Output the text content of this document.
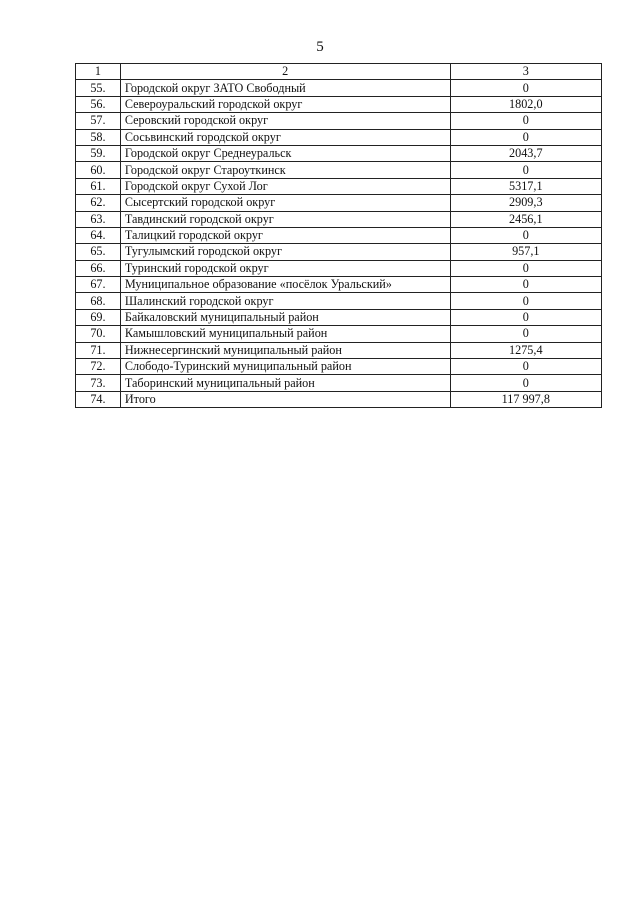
5
1	2	3
55.	Городской округ ЗАТО Свободный	0
56.	Североуральский городской округ	1802,0
57.	Серовский городской округ	0
58.	Сосьвинский городской округ	0
59.	Городской округ Среднеуральск	2043,7
60.	Городской округ Староуткинск	0
61.	Городской округ Сухой Лог	5317,1
62.	Сысертский городской округ	2909,3
63.	Тавдинский городской округ	2456,1
64.	Талицкий городской округ	0
65.	Тугулымский городской округ	957,1
66.	Туринский городской округ	0
67.	Муниципальное образование «посёлок Уральский»	0
68.	Шалинский городской округ	0
69.	Байкаловский муниципальный район	0
70.	Камышловский муниципальный район	0
71.	Нижнесергинский муниципальный район	1275,4
72.	Слободо-Туринский муниципальный район	0
73.	Таборинский муниципальный район	0
74.	Итого	117 997,8
